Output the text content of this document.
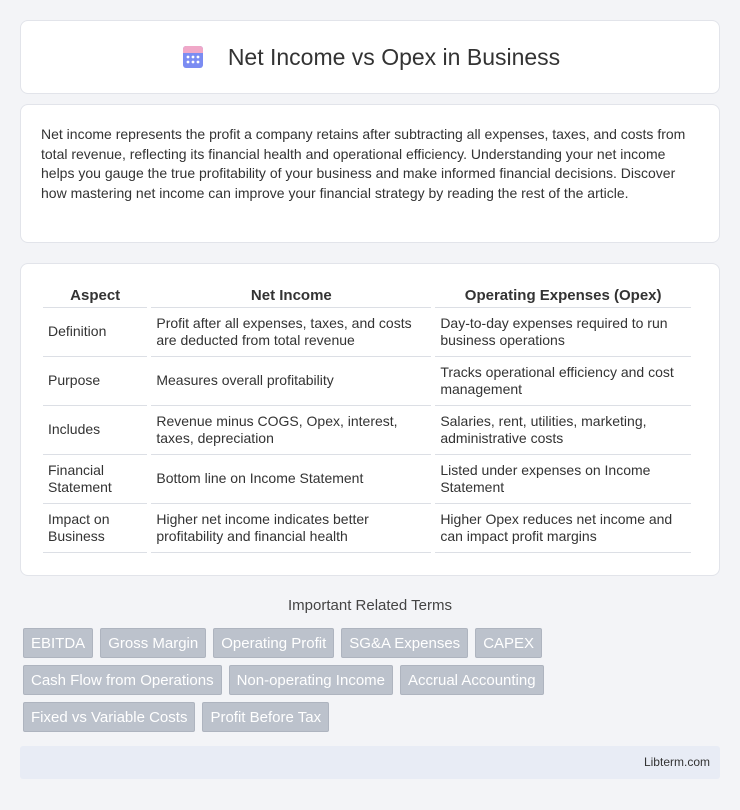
Net Income vs Opex in Business

Net income represents the profit a company retains after subtracting all expenses, taxes, and costs from total revenue, reflecting its financial health and operational efficiency. Understanding your net income helps you gauge the true profitability of your business and make informed financial decisions. Discover how mastering net income can improve your financial strategy by reading the rest of the article.

Aspect	Net Income	Operating Expenses (Opex)
Definition	Profit after all expenses, taxes, and costs are deducted from total revenue	Day-to-day expenses required to run business operations
Purpose	Measures overall profitability	Tracks operational efficiency and cost management
Includes	Revenue minus COGS, Opex, interest, taxes, depreciation	Salaries, rent, utilities, marketing, administrative costs
Financial Statement	Bottom line on Income Statement	Listed under expenses on Income Statement
Impact on Business	Higher net income indicates better profitability and financial health	Higher Opex reduces net income and can impact profit margins
Important Related Terms
EBITDA	Gross Margin	Operating Profit	SG&A Expenses	CAPEX
Cash Flow from Operations	Non-operating Income	Accrual Accounting
Fixed vs Variable Costs	Profit Before Tax
Libterm.com
